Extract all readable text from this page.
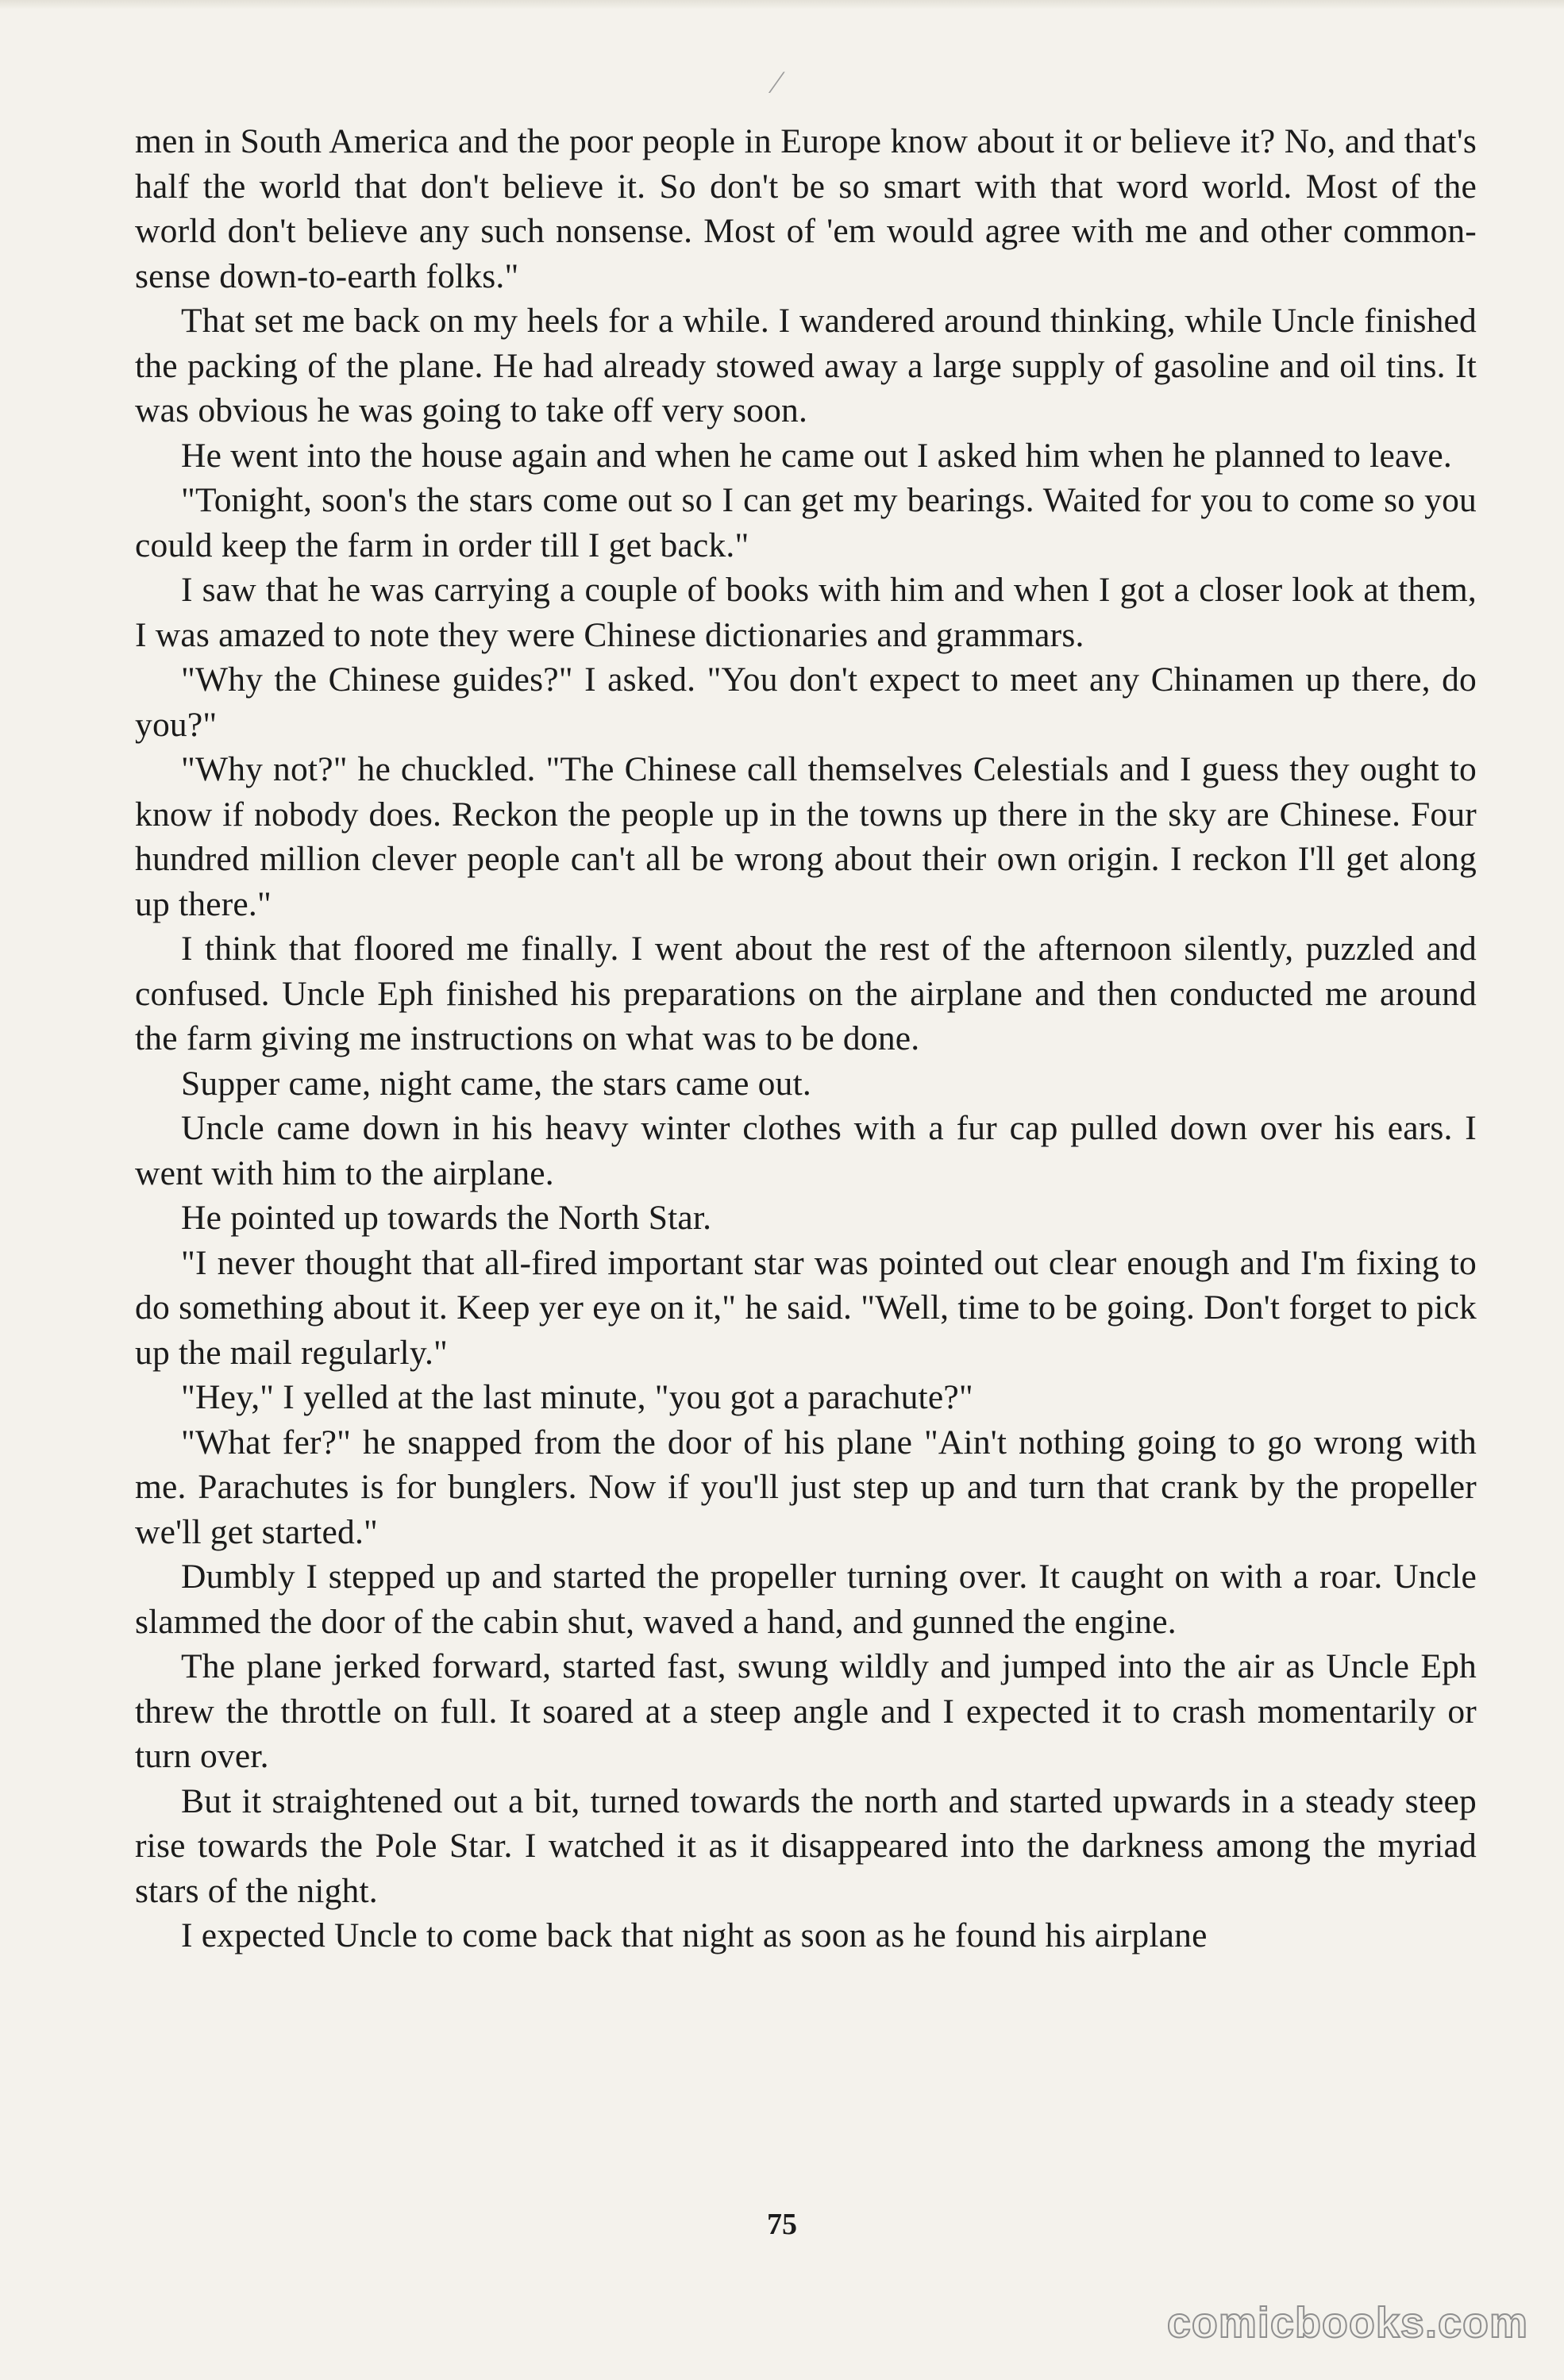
⁄

men in South America and the poor people in Europe know about it or believe it? No, and that's half the world that don't believe it. So don't be so smart with that word world. Most of the world don't believe any such nonsense. Most of 'em would agree with me and other common-sense down-to-earth folks."

That set me back on my heels for a while. I wandered around thinking, while Uncle finished the packing of the plane. He had already stowed away a large supply of gasoline and oil tins. It was obvious he was going to take off very soon.

He went into the house again and when he came out I asked him when he planned to leave.

"Tonight, soon's the stars come out so I can get my bearings. Waited for you to come so you could keep the farm in order till I get back."

I saw that he was carrying a couple of books with him and when I got a closer look at them, I was amazed to note they were Chinese dictionaries and grammars.

"Why the Chinese guides?" I asked. "You don't expect to meet any Chinamen up there, do you?"

"Why not?" he chuckled. "The Chinese call themselves Celestials and I guess they ought to know if nobody does. Reckon the people up in the towns up there in the sky are Chinese. Four hundred million clever people can't all be wrong about their own origin. I reckon I'll get along up there."

I think that floored me finally. I went about the rest of the afternoon silently, puzzled and confused. Uncle Eph finished his preparations on the airplane and then conducted me around the farm giving me instructions on what was to be done.

Supper came, night came, the stars came out.

Uncle came down in his heavy winter clothes with a fur cap pulled down over his ears. I went with him to the airplane.

He pointed up towards the North Star.

"I never thought that all-fired important star was pointed out clear enough and I'm fixing to do something about it. Keep yer eye on it," he said. "Well, time to be going. Don't forget to pick up the mail regularly."

"Hey," I yelled at the last minute, "you got a parachute?"

"What fer?" he snapped from the door of his plane "Ain't nothing going to go wrong with me. Parachutes is for bunglers. Now if you'll just step up and turn that crank by the propeller we'll get started."

Dumbly I stepped up and started the propeller turning over. It caught on with a roar. Uncle slammed the door of the cabin shut, waved a hand, and gunned the engine.

The plane jerked forward, started fast, swung wildly and jumped into the air as Uncle Eph threw the throttle on full. It soared at a steep angle and I expected it to crash momentarily or turn over.

But it straightened out a bit, turned towards the north and started upwards in a steady steep rise towards the Pole Star. I watched it as it disappeared into the darkness among the myriad stars of the night.

I expected Uncle to come back that night as soon as he found his airplane

75
comicbooks.com
